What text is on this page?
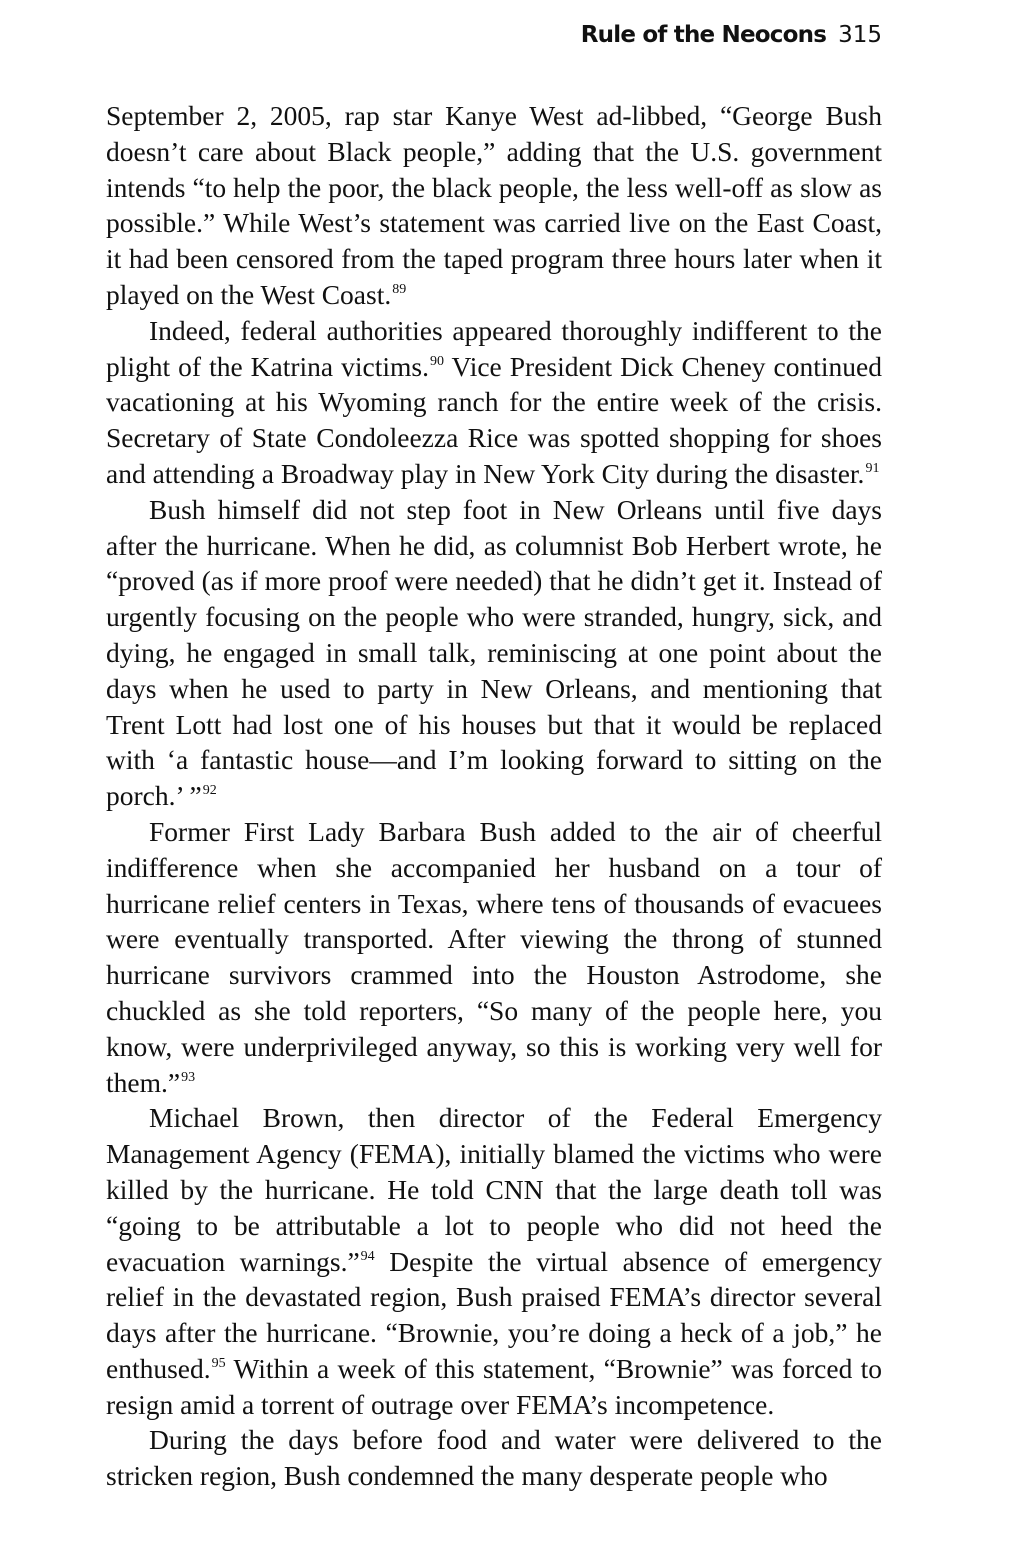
Rule of the Neocons 315

September 2, 2005, rap star Kanye West ad-libbed, “George Bush doesn’t care about Black people,” adding that the U.S. government intends “to help the poor, the black people, the less well-off as slow as possible.” While West’s statement was carried live on the East Coast, it had been censored from the taped program three hours later when it played on the West Coast.$^{89}$

Indeed, federal authorities appeared thoroughly indifferent to the plight of the Katrina victims.$^{90}$ Vice President Dick Cheney continued vacationing at his Wyoming ranch for the entire week of the crisis. Secretary of State Condoleezza Rice was spotted shopping for shoes and attending a Broadway play in New York City during the disaster.$^{91}$

Bush himself did not step foot in New Orleans until five days after the hurricane. When he did, as columnist Bob Herbert wrote, he “proved (as if more proof were needed) that he didn’t get it. Instead of urgently focusing on the people who were stranded, hungry, sick, and dying, he engaged in small talk, reminiscing at one point about the days when he used to party in New Orleans, and mentioning that Trent Lott had lost one of his houses but that it would be replaced with ‘a fantastic house—and I’m looking forward to sitting on the porch.’ ”$^{92}$

Former First Lady Barbara Bush added to the air of cheerful indifference when she accompanied her husband on a tour of hurricane relief centers in Texas, where tens of thousands of evacuees were eventually transported. After viewing the throng of stunned hurricane survivors crammed into the Houston Astrodome, she chuckled as she told reporters, “So many of the people here, you know, were underprivileged anyway, so this is working very well for them.”$^{93}$

Michael Brown, then director of the Federal Emergency Management Agency (FEMA), initially blamed the victims who were killed by the hurricane. He told CNN that the large death toll was “going to be attributable a lot to people who did not heed the evacuation warnings.”$^{94}$ Despite the virtual absence of emergency relief in the devastated region, Bush praised FEMA’s director several days after the hurricane. “Brownie, you’re doing a heck of a job,” he enthused.$^{95}$ Within a week of this statement, “Brownie” was forced to resign amid a torrent of outrage over FEMA’s incompetence.

During the days before food and water were delivered to the stricken region, Bush condemned the many desperate people who
